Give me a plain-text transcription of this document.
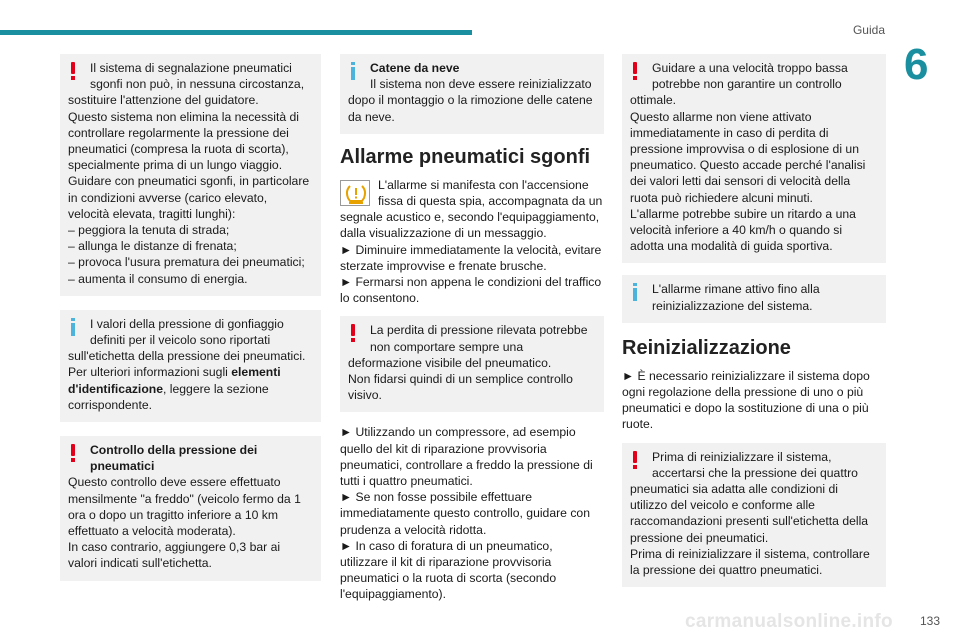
Guida
6
Il sistema di segnalazione pneumatici
sgonfi non può, in nessuna circostanza,
sostituire l'attenzione del guidatore.
Questo sistema non elimina la necessità di controllare regolarmente la pressione dei pneumatici (compresa la ruota di scorta), specialmente prima di un lungo viaggio.
Guidare con pneumatici sgonfi, in particolare in condizioni avverse (carico elevato, velocità elevata, tragitti lunghi):
– peggiora la tenuta di strada;
– allunga le distanze di frenata;
– provoca l'usura prematura dei pneumatici;
– aumenta il consumo di energia.
I valori della pressione di gonfiaggio
definiti per il veicolo sono riportati
sull'etichetta della pressione dei pneumatici.
Per ulteriori informazioni sugli elementi d'identificazione, leggere la sezione corrispondente.
Controllo della pressione dei
pneumatici
Questo controllo deve essere effettuato mensilmente "a freddo" (veicolo fermo da 1 ora o dopo un tragitto inferiore a 10 km effettuato a velocità moderata).
In caso contrario, aggiungere 0,3 bar ai valori indicati sull'etichetta.
Catene da neve
Il sistema non deve essere reinizializzato
dopo il montaggio o la rimozione delle catene da neve.
Allarme pneumatici sgonfi
L'allarme si manifesta con l'accensione
fissa di questa spia, accompagnata da un
segnale acustico e, secondo l'equipaggiamento, dalla visualizzazione di un messaggio.
► Diminuire immediatamente la velocità, evitare sterzate improvvise e frenate brusche.
► Fermarsi non appena le condizioni del traffico lo consentono.
La perdita di pressione rilevata potrebbe
non comportare sempre una
deformazione visibile del pneumatico.
Non fidarsi quindi di un semplice controllo visivo.
► Utilizzando un compressore, ad esempio quello del kit di riparazione provvisoria pneumatici, controllare a freddo la pressione di tutti i quattro pneumatici.
► Se non fosse possibile effettuare immediatamente questo controllo, guidare con prudenza a velocità ridotta.
► In caso di foratura di un pneumatico, utilizzare il kit di riparazione provvisoria pneumatici o la ruota di scorta (secondo l'equipaggiamento).
Guidare a una velocità troppo bassa
potrebbe non garantire un controllo
ottimale.
Questo allarme non viene attivato immediatamente in caso di perdita di pressione improvvisa o di esplosione di un pneumatico. Questo accade perché l'analisi dei valori letti dai sensori di velocità della ruota può richiedere alcuni minuti.
L'allarme potrebbe subire un ritardo a una velocità inferiore a 40 km/h o quando si adotta una modalità di guida sportiva.
L'allarme rimane attivo fino alla
reinizializzazione del sistema.
Reinizializzazione
► È necessario reinizializzare il sistema dopo ogni regolazione della pressione di uno o più pneumatici e dopo la sostituzione di una o più ruote.
Prima di reinizializzare il sistema,
accertarsi che la pressione dei quattro
pneumatici sia adatta alle condizioni di utilizzo del veicolo e conforme alle raccomandazioni presenti sull'etichetta della pressione dei pneumatici.
Prima di reinizializzare il sistema, controllare la pressione dei quattro pneumatici.
carmanualsonline.info 133
